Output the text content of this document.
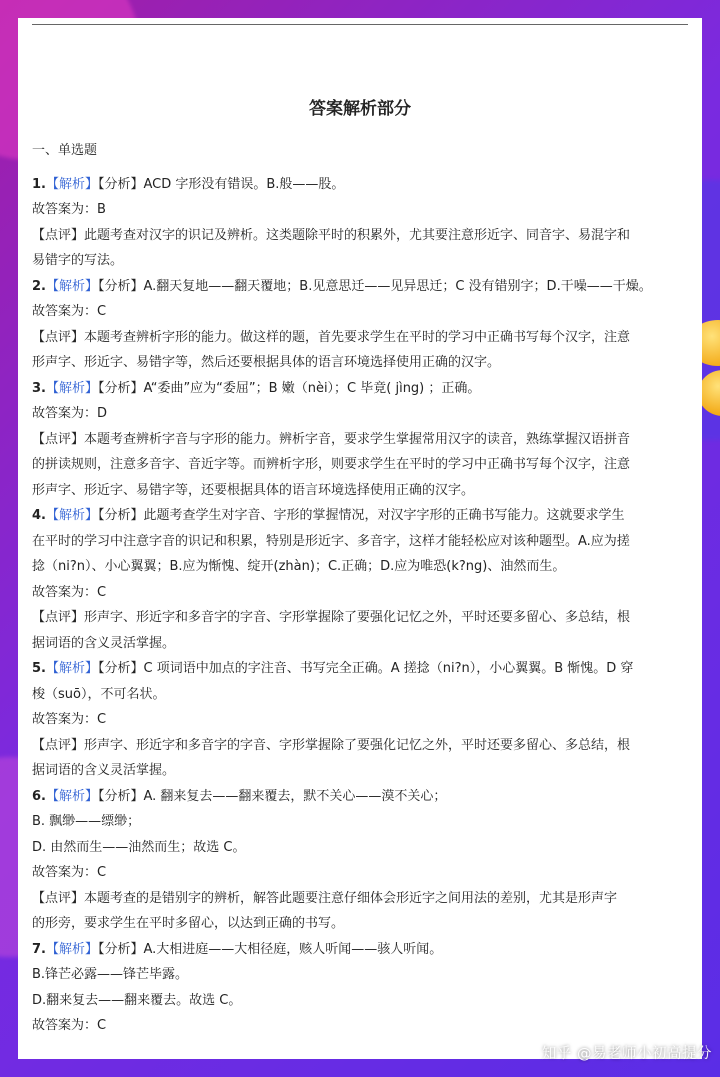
答案解析部分

一、单选题

1.【解析】【分析】ACD 字形没有错误。B.般——股。

故答案为：B

【点评】此题考查对汉字的识记及辨析。这类题除平时的积累外，尤其要注意形近字、同音字、易混字和

易错字的写法。

2.【解析】【分析】A.翻天复地——翻天覆地；B.见意思迁——见异思迁；C 没有错别字；D.干噪——干燥。

故答案为：C

【点评】本题考查辨析字形的能力。做这样的题，首先要求学生在平时的学习中正确书写每个汉字，注意

形声字、形近字、易错字等，然后还要根据具体的语言环境选择使用正确的汉字。

3.【解析】【分析】A“委曲”应为“委屈”；B 嫩（nèi）；C 毕竟( jìng) ；正确。

故答案为：D

【点评】本题考查辨析字音与字形的能力。辨析字音，要求学生掌握常用汉字的读音，熟练掌握汉语拼音

的拼读规则，注意多音字、音近字等。而辨析字形，则要求学生在平时的学习中正确书写每个汉字，注意

形声字、形近字、易错字等，还要根据具体的语言环境选择使用正确的汉字。

4.【解析】【分析】此题考查学生对字音、字形的掌握情况，对汉字字形的正确书写能力。这就要求学生

在平时的学习中注意字音的识记和积累，特别是形近字、多音字，这样才能轻松应对该种题型。A.应为搓

捻（ni?n）、小心翼翼；B.应为惭愧、绽开(zhàn)；C.正确；D.应为唯恐(k?ng)、油然而生。

故答案为：C

【点评】形声字、形近字和多音字的字音、字形掌握除了要强化记忆之外，平时还要多留心、多总结，根

据词语的含义灵活掌握。

5.【解析】【分析】C 项词语中加点的字注音、书写完全正确。A 搓捻（ni?n），小心翼翼。B 惭愧。D 穿

梭（suō），不可名状。

故答案为：C

【点评】形声字、形近字和多音字的字音、字形掌握除了要强化记忆之外，平时还要多留心、多总结，根

据词语的含义灵活掌握。

6.【解析】【分析】A. 翻来复去——翻来覆去，默不关心——漠不关心；

B. 飘缈——缥缈；

D. 由然而生——油然而生；故选 C。

故答案为：C

【点评】本题考查的是错别字的辨析，解答此题要注意仔细体会形近字之间用法的差别，尤其是形声字

的形旁，要求学生在平时多留心，以达到正确的书写。

7.【解析】【分析】A.大相进庭——大相径庭，赅人听闻——骇人听闻。

B.锋芒必露——锋芒毕露。

D.翻来复去——翻来覆去。故选 C。

故答案为：C

知乎 @易老师小初高提分
